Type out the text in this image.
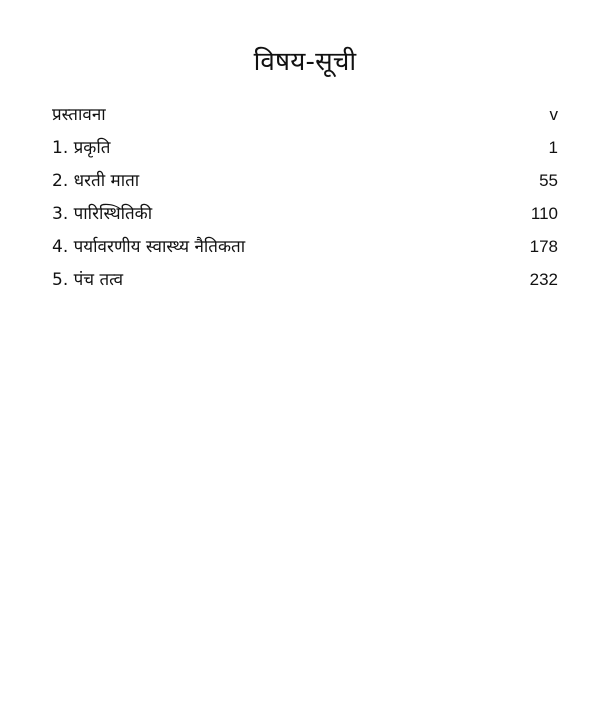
विषय-सूची
प्रस्तावना	v
1. प्रकृति	1
2. धरती माता	55
3. पारिस्थितिकी	110
4. पर्यावरणीय स्वास्थ्य नैतिकता	178
5. पंच तत्व	232
